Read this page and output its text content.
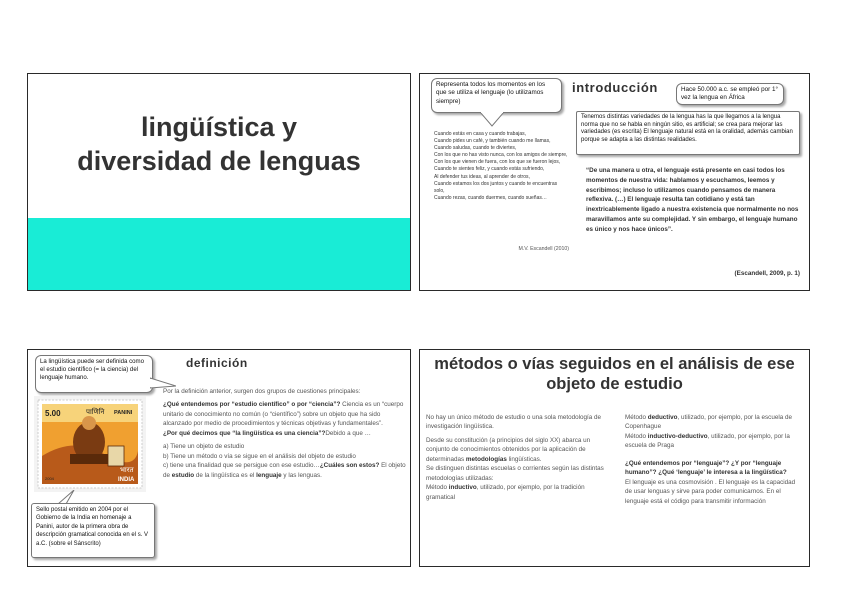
lingüística y
diversidad de lenguas
Representa todos los momentos en los que se utiliza el lenguaje (lo utilizamos siempre)
introducción	Hace 50.000 a.c. se empleó por 1° vez la lengua en África
Tenemos distintas variedades de la lengua has la que llegamos a la lengua norma que no se habla en ningún sitio, es artificial; se crea para mejorar las variedades (es escrita) El lenguaje natural está en la oralidad, además cambian porque se adapta a las distintas realidades.
Cuando estás en casa y cuando trabajas,
Cuando pides un café, y también cuando me llamas,
Cuando saludas, cuando te diviertes,
Con los que no has visto nunca, con los amigos de siempre,
Con los que vienen de fuera, con los que se fueron lejos,
Cuando te sientes feliz, y cuando estás sufriendo,
Al defender tus ideas, al aprender de otros,
Cuando estamos los dos juntos y cuando te encuentras solo,
Cuando rezas, cuando duermes, cuando sueñas…
M.V. Escandell (2010)
“De una manera u otra, el lenguaje está presente en casi todos los momentos de nuestra vida: hablamos y escuchamos, leemos y escribimos; incluso lo utilizamos cuando pensamos de manera reflexiva. (…) El lenguaje resulta tan cotidiano y está tan inextricablemente ligado a nuestra existencia que normalmente no nos maravillamos ante su complejidad. Y sin embargo, el lenguaje humano es único y nos hace únicos”.
(Escandell, 2009, p. 1)
La lingüística puede ser definida como el estudio científico (= la ciencia) del lenguaje humano.
definición
5.00	पाणिनि PANINI
2004
भारत
INDIA

Por la definición anterior, surgen dos grupos de cuestiones principales:

¿Qué entendemos por “estudio científico” o por “ciencia”? Ciencia es un “cuerpo unitario de conocimiento no común (o “científico”) sobre un objeto que ha sido alcanzado por medio de procedimientos y técnicas objetivas y fundamentales”.
¿Por qué decimos que “la lingüística es una ciencia”?Debido a que …

a) Tiene un objeto de estudio
b) Tiene un método o vía se sigue en el análisis del objeto de estudio
c) tiene una finalidad que se persigue con ese estudio…¿Cuáles son estos? El objeto de estudio de la lingüística es el lenguaje y las lenguas.
Sello postal emitido en 2004 por el Gobierno de la India en homenaje a Panini, autor de la primera obra de descripción gramatical conocida en el s. V a.C. (sobre el Sánscrito)
métodos o vías seguidos en el análisis de ese objeto de estudio

No hay un único método de estudio o una sola metodología de investigación lingüística.

Desde su constitución (a principios del siglo XX) abarca un conjunto de conocimientos obtenidos por la aplicación de determinadas metodologías lingüísticas.

Se distinguen distintas escuelas o corrientes según las distintas metodologías utilizadas:

Método inductivo, utilizado, por ejemplo, por la tradición gramatical

Método deductivo, utilizado, por ejemplo, por la escuela de Copenhague

Método inductivo-deductivo, utilizado, por ejemplo, por la escuela de Praga

¿Qué entendemos por “lenguaje”? ¿Y por “lenguaje humano”? ¿Qué ‘lenguaje’ le interesa a la lingüística?

El lenguaje es una cosmovisión . El lenguaje es la capacidad de usar lenguas y sirve para poder comunicarnos. En el lenguaje está el código para transmitir información
